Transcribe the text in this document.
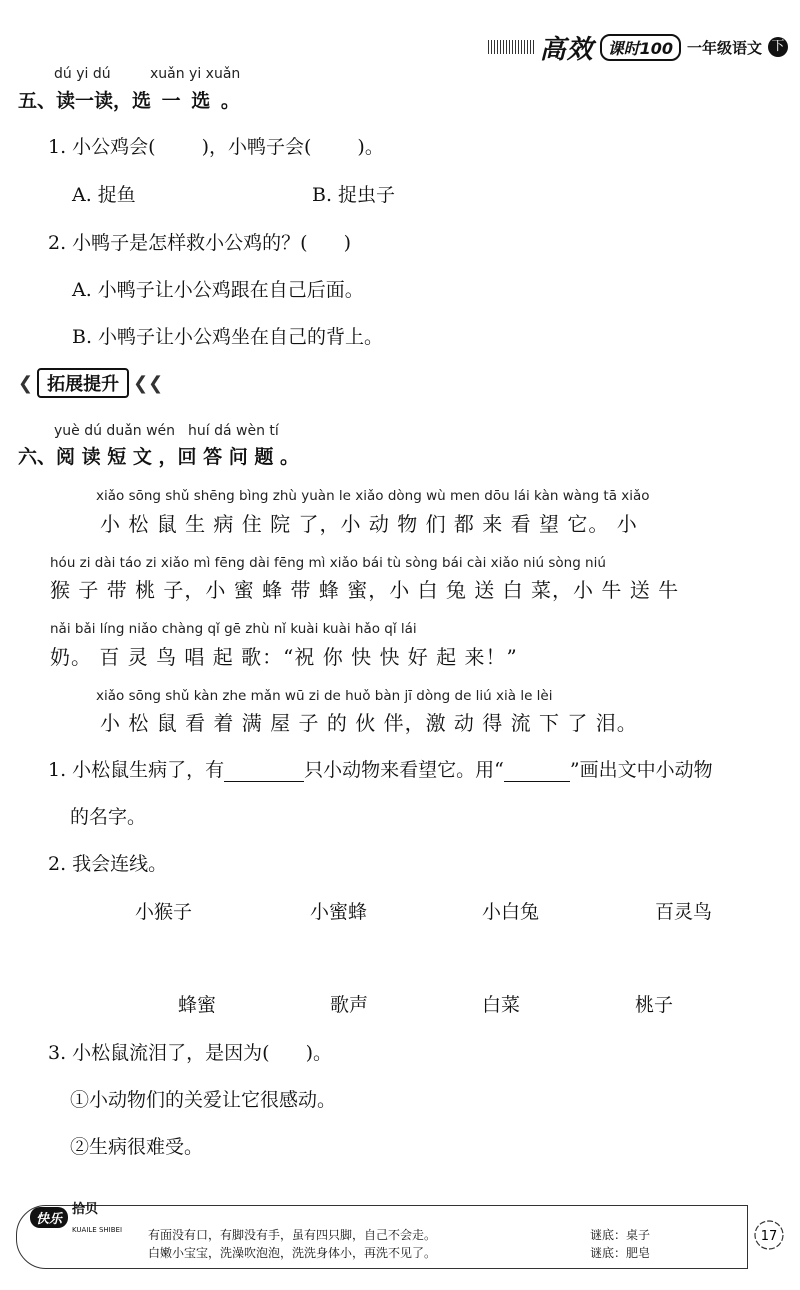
高效 课时100 一年级语文 下
dú yi dú	xuǎn yi xuǎn
五、读一读，选 一 选 。
1. 小公鸡会( )，小鸭子会( )。
A. 捉鱼	B. 捉虫子
2. 小鸭子是怎样救小公鸡的？( )
A. 小鸭子让小公鸡跟在自己后面。
B. 小鸭子让小公鸡坐在自己的背上。
❮ 拓展提升 ❮❮
yuè dú duǎn wén huí dá wèn tí
六、阅 读 短 文 ，回 答 问 题 。
xiǎo sōng shǔ shēng bìng zhù yuàn le xiǎo dòng wù men dōu lái kàn wàng tā xiǎo
小 松 鼠 生 病 住 院 了，小 动 物 们 都 来 看 望 它。 小
hóu zi dài táo zi xiǎo mì fēng dài fēng mì xiǎo bái tù sòng bái cài xiǎo niú sòng niú
猴 子 带 桃 子，小 蜜 蜂 带 蜂 蜜，小 白 兔 送 白 菜，小 牛 送 牛
nǎi bǎi líng niǎo chàng qǐ gē zhù nǐ kuài kuài hǎo qǐ lái
奶。 百 灵 鸟 唱 起 歌：“祝 你 快 快 好 起 来！”
xiǎo sōng shǔ kàn zhe mǎn wū zi de huǒ bàn jī dòng de liú xià le lèi
小 松 鼠 看 着 满 屋 子 的 伙 伴，激 动 得 流 下 了 泪。
1. 小松鼠生病了，有	只小动物来看望它。用“	”画出文中小动物
的名字。
2. 我会连线。
小猴子	小蜜蜂	小白兔	百灵鸟
蜂蜜	歌声	白菜	桃子
3. 小松鼠流泪了，是因为( )。
①小动物们的关爱让它很感动。
②生病很难受。
快乐
拾贝
KUAILE SHIBEI 有面没有口，有脚没有手，虽有四只脚，自己不会走。	谜底：桌子
白嫩小宝宝，洗澡吹泡泡，洗洗身体小，再洗不见了。	谜底：肥皂
17
